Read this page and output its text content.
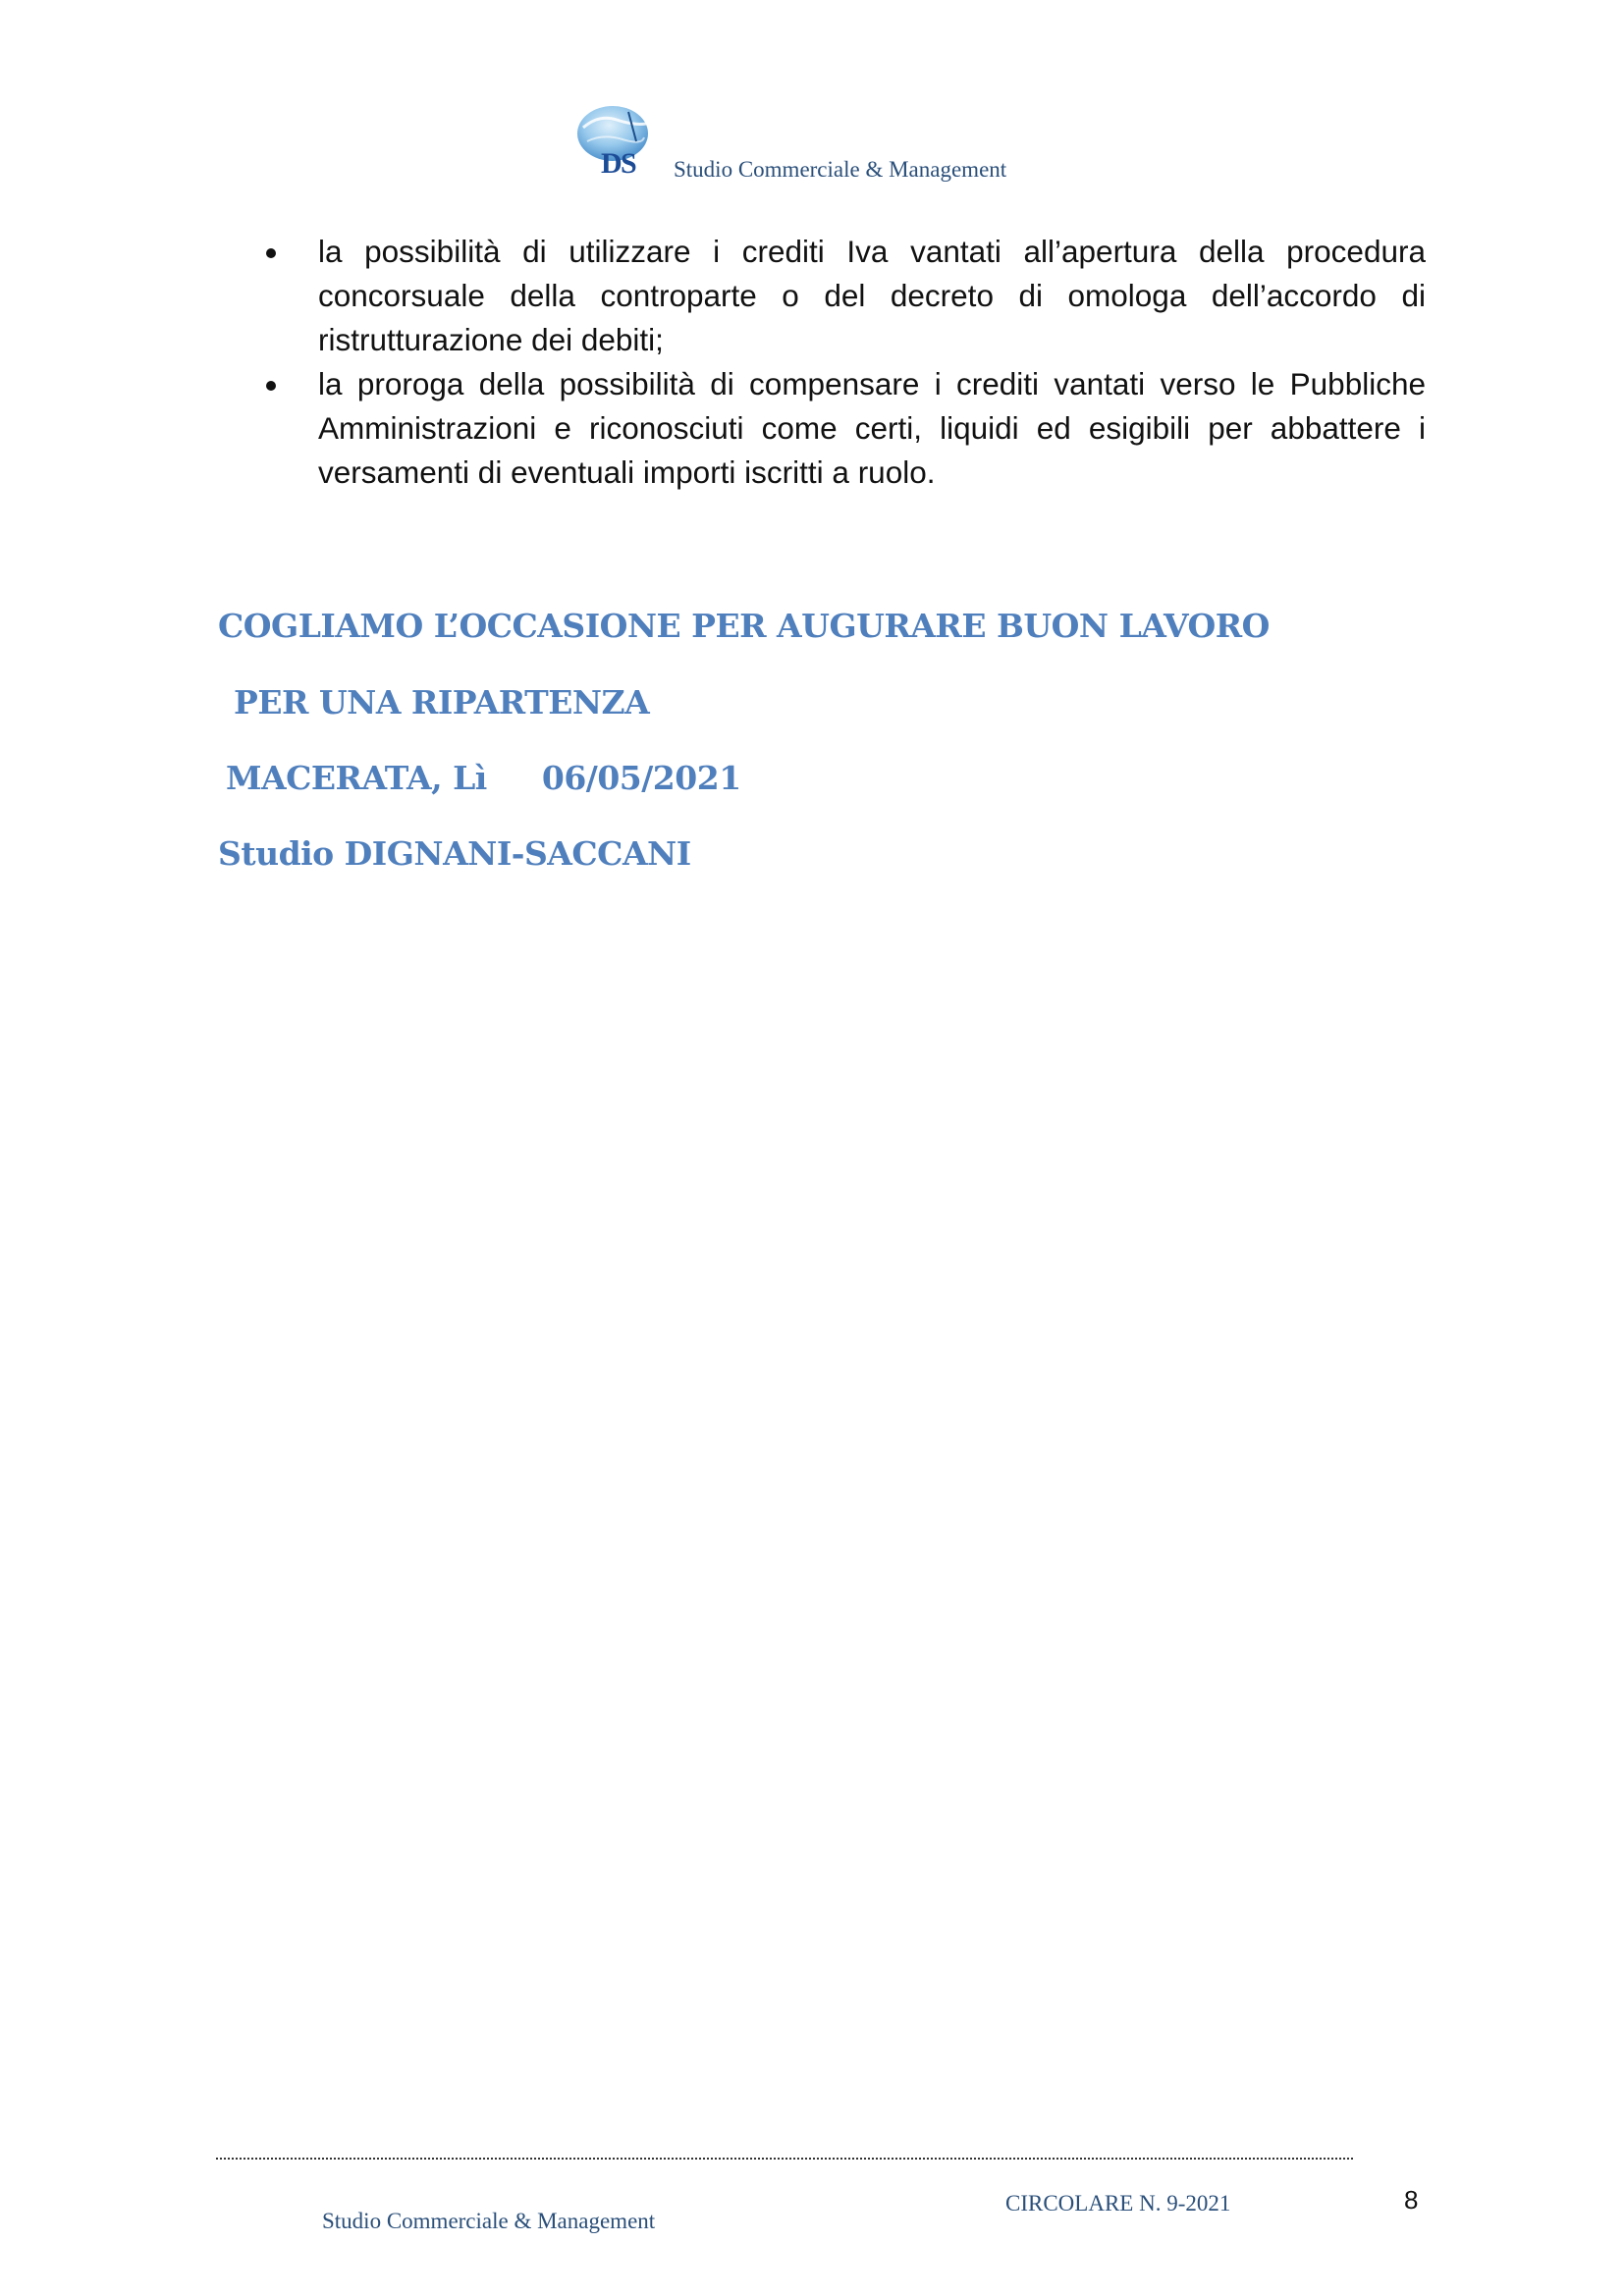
D
S Studio Commerciale & Management
la possibilità di utilizzare i crediti Iva vantati all’apertura della procedura concorsuale della controparte o del decreto di omologa dell’accordo di ristrutturazione dei debiti;
la proroga della possibilità di compensare i crediti vantati verso le Pubbliche Amministrazioni e riconosciuti come certi, liquidi ed esigibili per abbattere i versamenti di eventuali importi iscritti a ruolo.
COGLIAMO L’OCCASIONE PER AUGURARE BUON LAVORO
PER UNA RIPARTENZA
MACERATA, Lì 06/05/2021
Studio DIGNANI-SACCANI
Studio Commerciale & Management
CIRCOLARE N. 9-2021	8
